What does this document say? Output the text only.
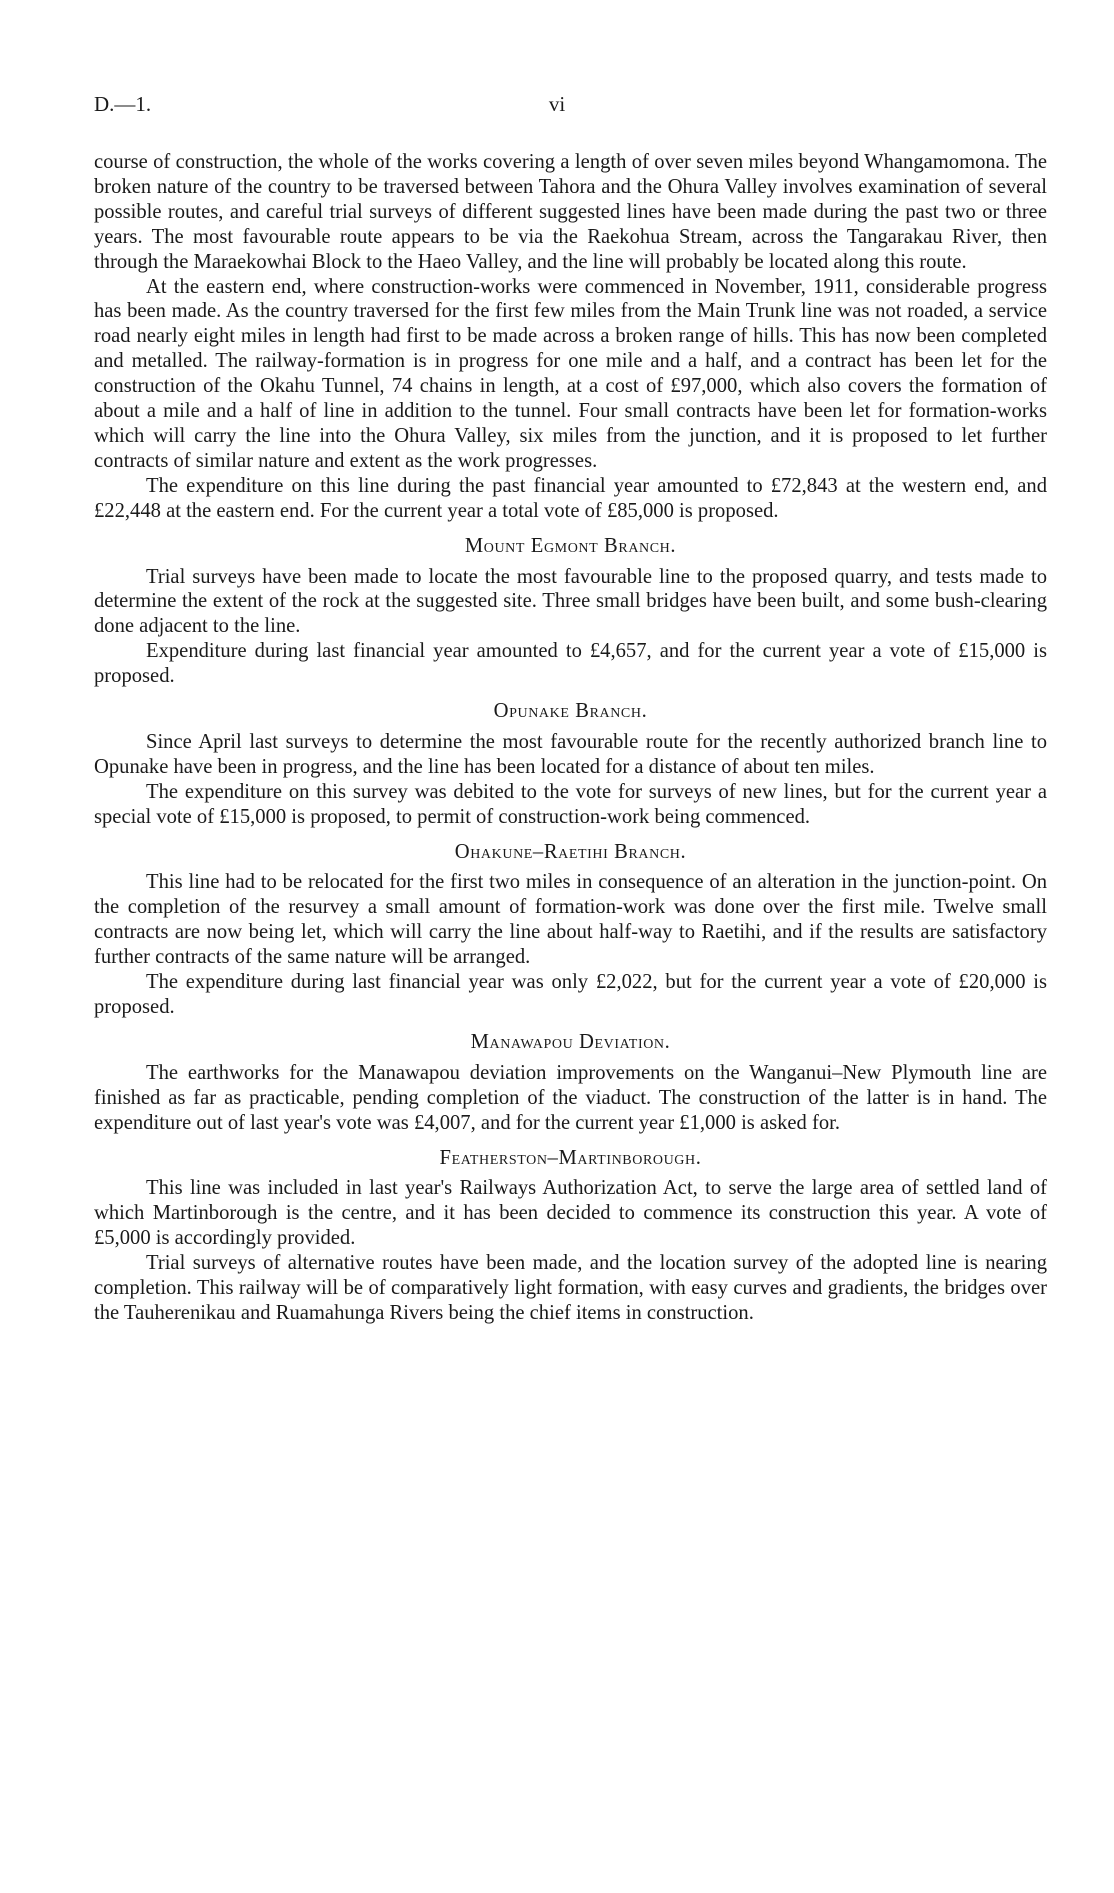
D.—1.	vi

course of construction, the whole of the works covering a length of over seven miles beyond Whangamomona. The broken nature of the country to be traversed between Tahora and the Ohura Valley involves examination of several possible routes, and careful trial surveys of different suggested lines have been made during the past two or three years. The most favourable route appears to be via the Raekohua Stream, across the Tangarakau River, then through the Maraekowhai Block to the Haeo Valley, and the line will probably be located along this route.

At the eastern end, where construction-works were commenced in November, 1911, considerable progress has been made. As the country traversed for the first few miles from the Main Trunk line was not roaded, a service road nearly eight miles in length had first to be made across a broken range of hills. This has now been completed and metalled. The railway-formation is in progress for one mile and a half, and a contract has been let for the construction of the Okahu Tunnel, 74 chains in length, at a cost of £97,000, which also covers the formation of about a mile and a half of line in addition to the tunnel. Four small contracts have been let for formation-works which will carry the line into the Ohura Valley, six miles from the junction, and it is proposed to let further contracts of similar nature and extent as the work progresses.

The expenditure on this line during the past financial year amounted to £72,843 at the western end, and £22,448 at the eastern end. For the current year a total vote of £85,000 is proposed.

Mount Egmont Branch.

Trial surveys have been made to locate the most favourable line to the proposed quarry, and tests made to determine the extent of the rock at the suggested site. Three small bridges have been built, and some bush-clearing done adjacent to the line.

Expenditure during last financial year amounted to £4,657, and for the current year a vote of £15,000 is proposed.

Opunake Branch.

Since April last surveys to determine the most favourable route for the recently authorized branch line to Opunake have been in progress, and the line has been located for a distance of about ten miles.

The expenditure on this survey was debited to the vote for surveys of new lines, but for the current year a special vote of £15,000 is proposed, to permit of construction-work being commenced.

Ohakune–Raetihi Branch.

This line had to be relocated for the first two miles in consequence of an alteration in the junction-point. On the completion of the resurvey a small amount of formation-work was done over the first mile. Twelve small contracts are now being let, which will carry the line about half-way to Raetihi, and if the results are satisfactory further contracts of the same nature will be arranged.

The expenditure during last financial year was only £2,022, but for the current year a vote of £20,000 is proposed.

Manawapou Deviation.

The earthworks for the Manawapou deviation improvements on the Wanganui–New Plymouth line are finished as far as practicable, pending completion of the viaduct. The construction of the latter is in hand. The expenditure out of last year's vote was £4,007, and for the current year £1,000 is asked for.

Featherston–Martinborough.

This line was included in last year's Railways Authorization Act, to serve the large area of settled land of which Martinborough is the centre, and it has been decided to commence its construction this year. A vote of £5,000 is accordingly provided.

Trial surveys of alternative routes have been made, and the location survey of the adopted line is nearing completion. This railway will be of comparatively light formation, with easy curves and gradients, the bridges over the Tauherenikau and Ruamahunga Rivers being the chief items in construction.
